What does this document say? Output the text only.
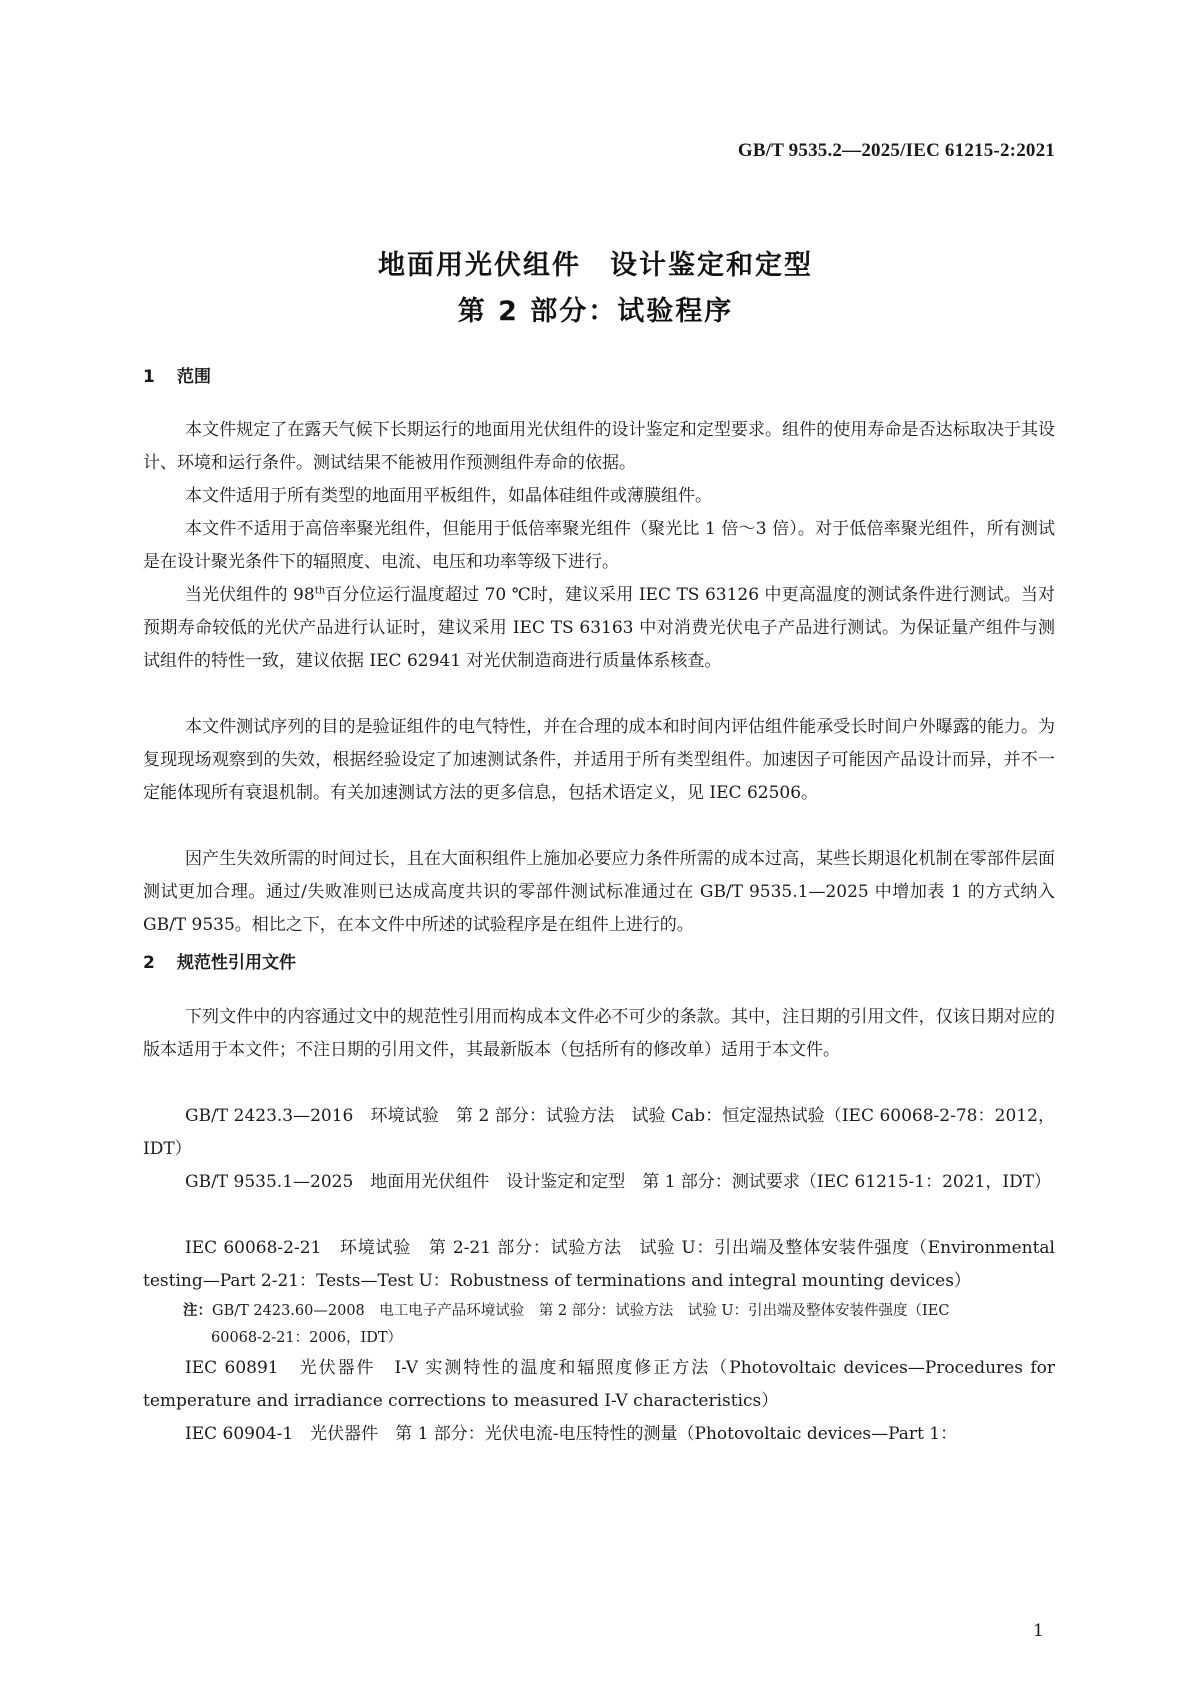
GB/T 9535.2—2025/IEC 61215-2:2021
地面用光伏组件　设计鉴定和定型
第 2 部分：试验程序
1 范围
本文件规定了在露天气候下长期运行的地面用光伏组件的设计鉴定和定型要求。组件的使用寿命是否达标取决于其设计、环境和运行条件。测试结果不能被用作预测组件寿命的依据。
本文件适用于所有类型的地面用平板组件，如晶体硅组件或薄膜组件。
本文件不适用于高倍率聚光组件，但能用于低倍率聚光组件（聚光比 1 倍～3 倍）。对于低倍率聚光组件，所有测试是在设计聚光条件下的辐照度、电流、电压和功率等级下进行。
当光伏组件的 98th百分位运行温度超过 70 ℃时，建议采用 IEC TS 63126 中更高温度的测试条件进行测试。当对预期寿命较低的光伏产品进行认证时，建议采用 IEC TS 63163 中对消费光伏电子产品进行测试。为保证量产组件与测试组件的特性一致，建议依据 IEC 62941 对光伏制造商进行质量体系核查。
本文件测试序列的目的是验证组件的电气特性，并在合理的成本和时间内评估组件能承受长时间户外曝露的能力。为复现现场观察到的失效，根据经验设定了加速测试条件，并适用于所有类型组件。加速因子可能因产品设计而异，并不一定能体现所有衰退机制。有关加速测试方法的更多信息，包括术语定义，见 IEC 62506。
因产生失效所需的时间过长，且在大面积组件上施加必要应力条件所需的成本过高，某些长期退化机制在零部件层面测试更加合理。通过/失败准则已达成高度共识的零部件测试标准通过在 GB/T 9535.1—2025 中增加表 1 的方式纳入 GB/T 9535。相比之下，在本文件中所述的试验程序是在组件上进行的。
2 规范性引用文件
下列文件中的内容通过文中的规范性引用而构成本文件必不可少的条款。其中，注日期的引用文件，仅该日期对应的版本适用于本文件；不注日期的引用文件，其最新版本（包括所有的修改单）适用于本文件。
GB/T 2423.3—2016　环境试验　第 2 部分：试验方法　试验 Cab：恒定湿热试验（IEC 60068-2-78：2012，IDT）
GB/T 9535.1—2025　地面用光伏组件　设计鉴定和定型　第 1 部分：测试要求（IEC 61215-1：2021，IDT）
IEC 60068-2-21　环境试验　第 2-21 部分：试验方法　试验 U：引出端及整体安装件强度（Environmental testing—Part 2-21：Tests—Test U：Robustness of terminations and integral mounting devices）
注：GB/T 2423.60—2008　电工电子产品环境试验　第 2 部分：试验方法　试验 U：引出端及整体安装件强度（IEC
60068-2-21：2006，IDT）
IEC 60891　光伏器件　I-V 实测特性的温度和辐照度修正方法（Photovoltaic devices—Procedures for temperature and irradiance corrections to measured I-V characteristics）
IEC 60904-1　光伏器件　第 1 部分：光伏电流-电压特性的测量（Photovoltaic devices—Part 1：
1
